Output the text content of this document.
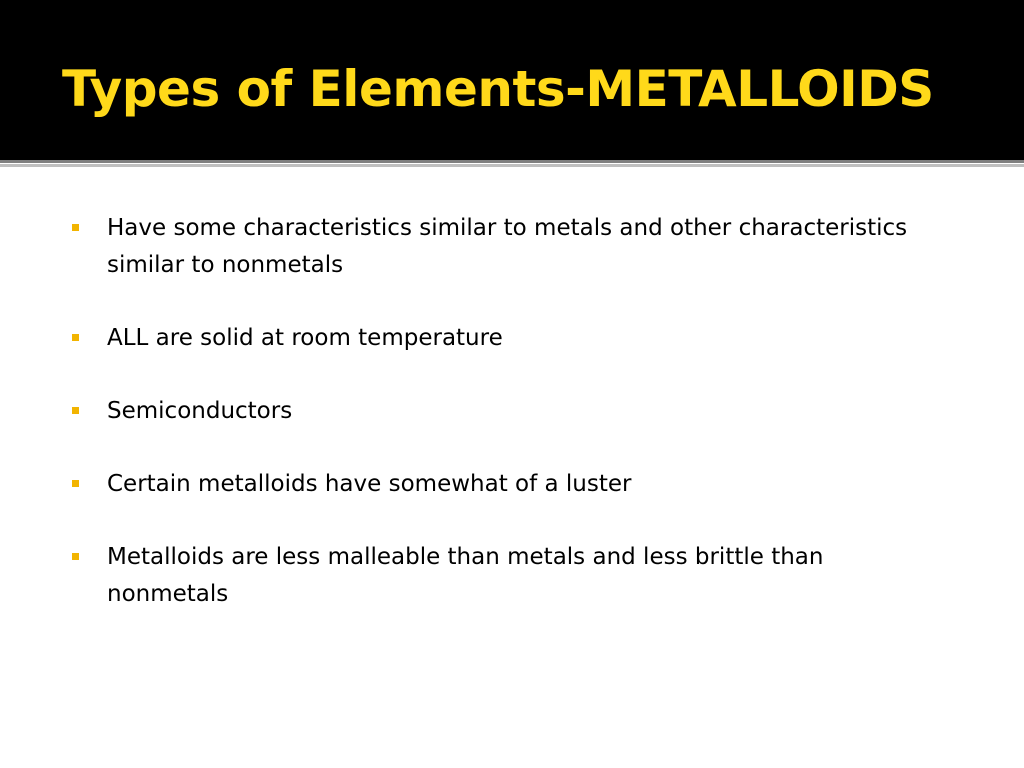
Types of Elements-METALLOIDS
Have some characteristics similar to metals and other characteristics similar to nonmetals
ALL are solid at room temperature
Semiconductors
Certain metalloids have somewhat of a luster
Metalloids are less malleable than metals and less brittle than nonmetals
